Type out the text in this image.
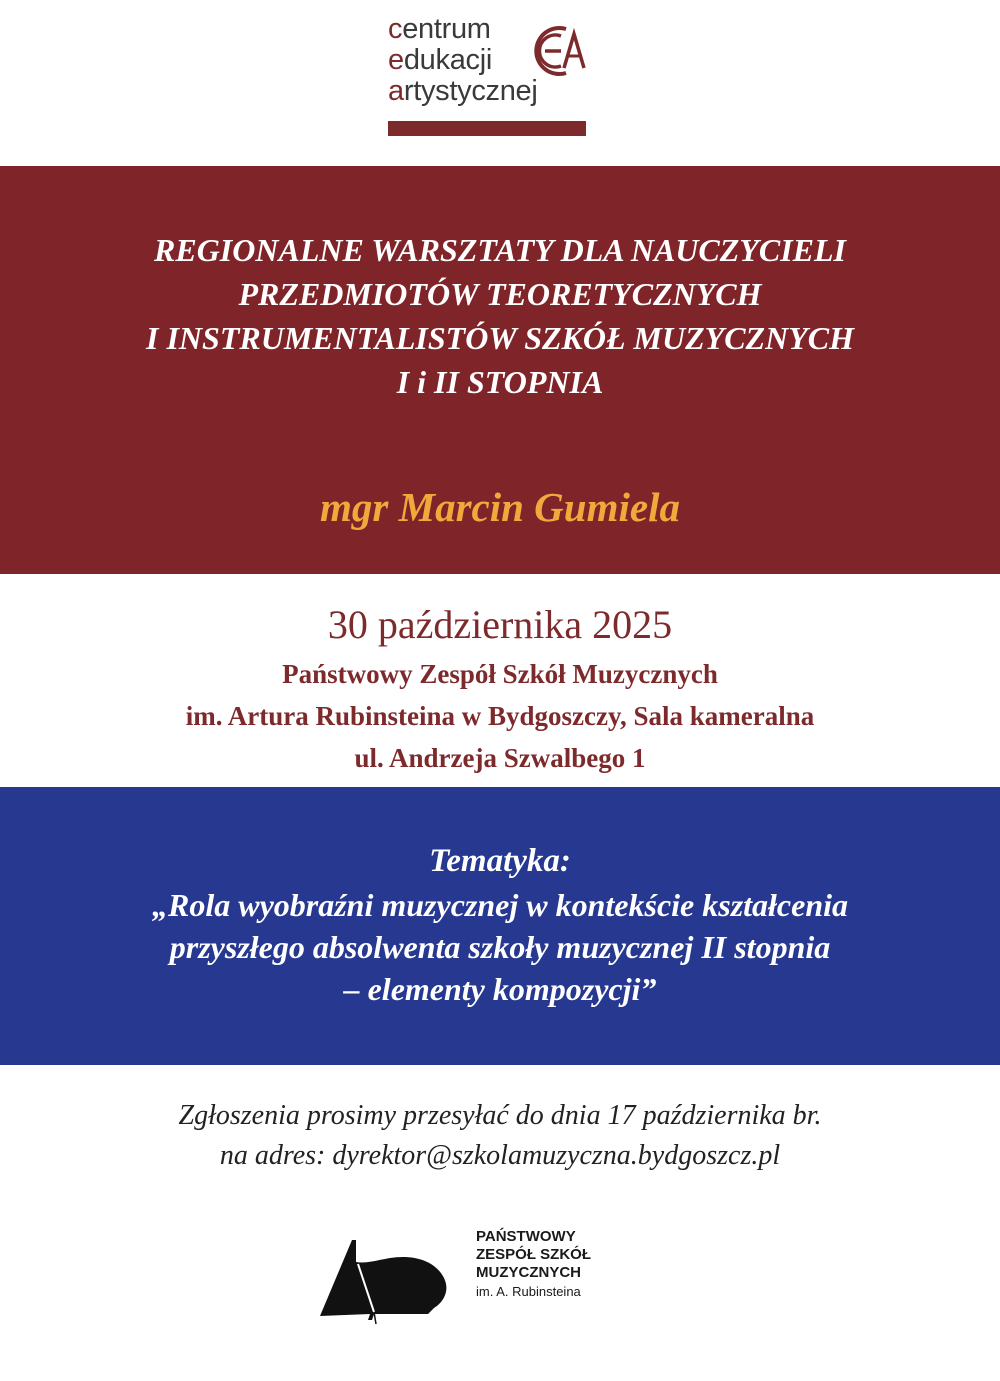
centrum
edukacji
artystycznej
REGIONALNE WARSZTATY DLA NAUCZYCIELI
PRZEDMIOTÓW TEORETYCZNYCH
I INSTRUMENTALISTÓW SZKÓŁ MUZYCZNYCH
I i II STOPNIA
mgr Marcin Gumiela
30 października 2025
Państwowy Zespół Szkół Muzycznych
im. Artura Rubinsteina w Bydgoszczy, Sala kameralna
ul. Andrzeja Szwalbego 1
Tematyka:
„Rola wyobraźni muzycznej w kontekście kształcenia
przyszłego absolwenta szkoły muzycznej II stopnia
– elementy kompozycji”
Zgłoszenia prosimy przesyłać do dnia 17 października br.
na adres: dyrektor@szkolamuzyczna.bydgoszcz.pl
PAŃSTWOWY
ZESPÓŁ SZKÓŁ
MUZYCZNYCH
im. A. Rubinsteina
